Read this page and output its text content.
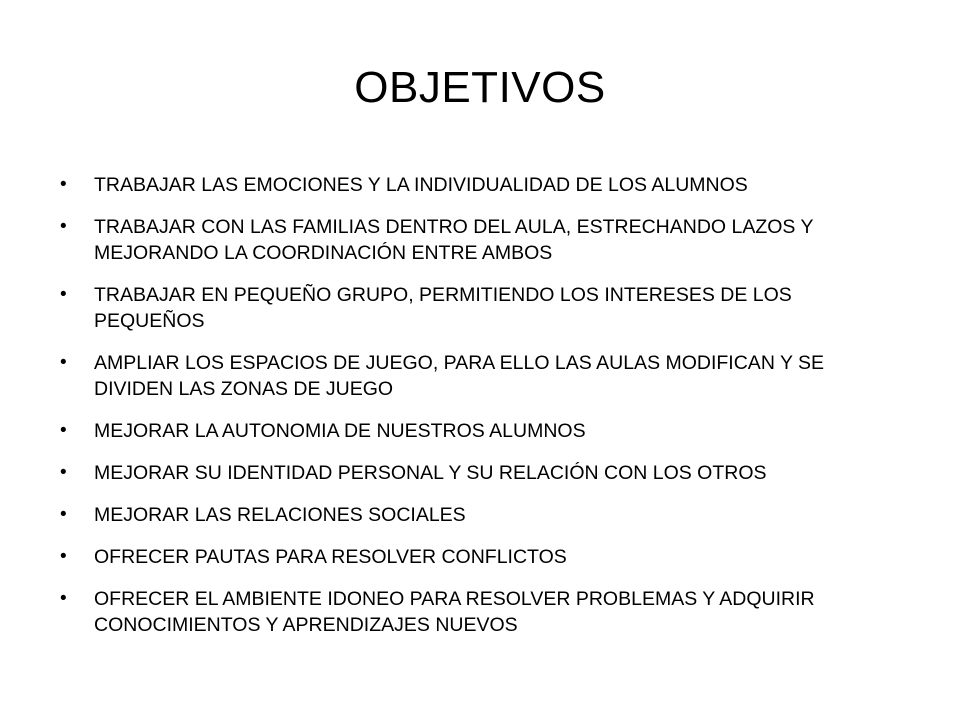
OBJETIVOS
• TRABAJAR LAS EMOCIONES Y LA INDIVIDUALIDAD DE LOS ALUMNOS
• TRABAJAR CON LAS FAMILIAS DENTRO DEL AULA, ESTRECHANDO LAZOS Y MEJORANDO LA COORDINACIÓN ENTRE AMBOS
• TRABAJAR EN PEQUEÑO GRUPO, PERMITIENDO LOS INTERESES DE LOS PEQUEÑOS
• AMPLIAR LOS ESPACIOS DE JUEGO, PARA ELLO LAS AULAS MODIFICAN Y SE DIVIDEN LAS ZONAS DE JUEGO
• MEJORAR LA AUTONOMIA DE NUESTROS ALUMNOS
• MEJORAR SU IDENTIDAD PERSONAL Y SU RELACIÓN CON LOS OTROS
• MEJORAR LAS RELACIONES SOCIALES
• OFRECER PAUTAS PARA RESOLVER CONFLICTOS
• OFRECER EL AMBIENTE IDONEO PARA RESOLVER PROBLEMAS Y ADQUIRIR CONOCIMIENTOS Y APRENDIZAJES NUEVOS
